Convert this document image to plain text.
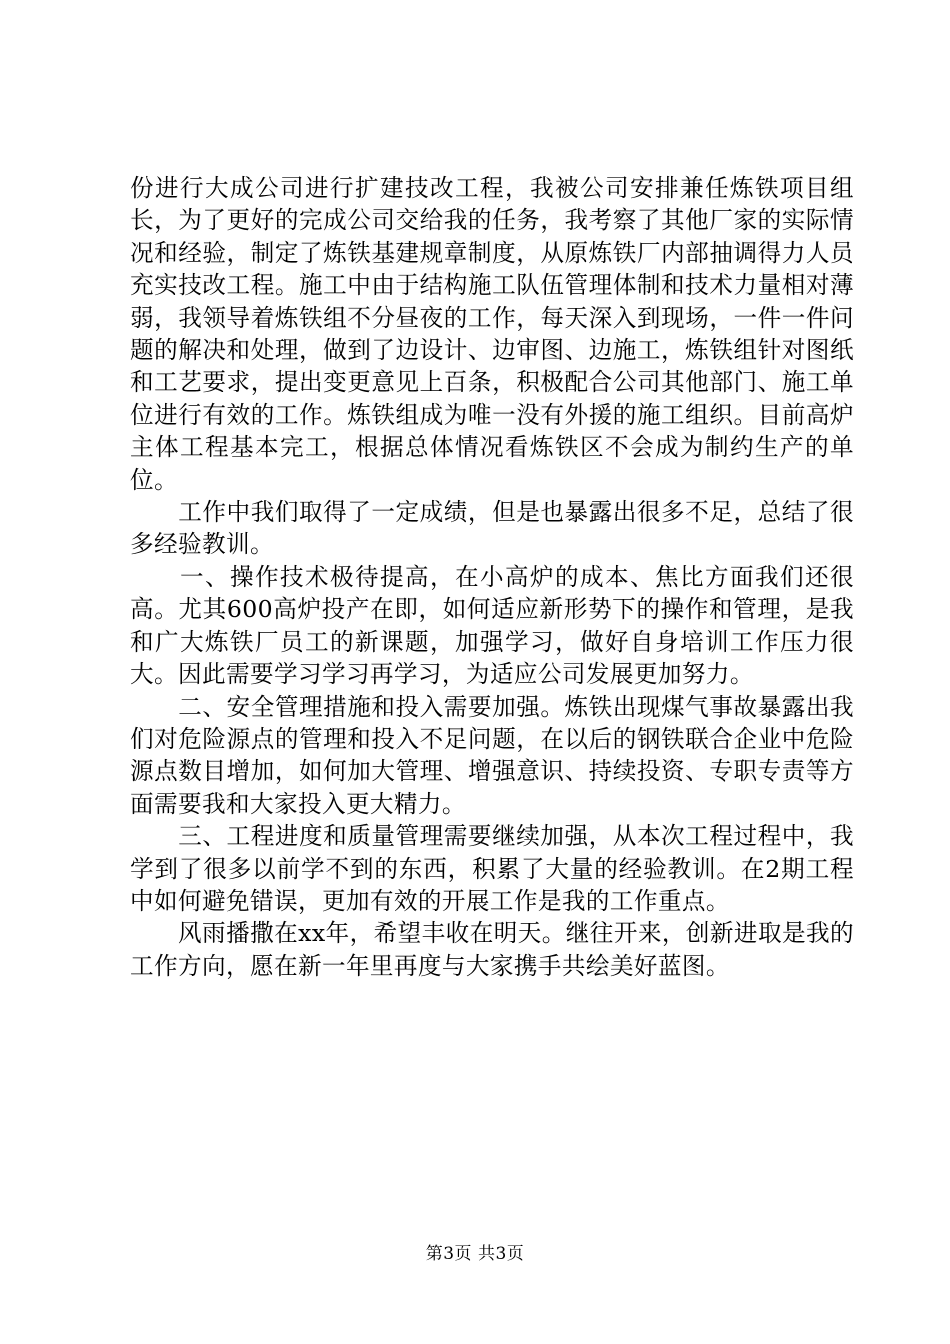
份进行大成公司进行扩建技改工程，我被公司安排兼任炼铁项目组长，为了更好的完成公司交给我的任务，我考察了其他厂家的实际情况和经验，制定了炼铁基建规章制度，从原炼铁厂内部抽调得力人员充实技改工程。施工中由于结构施工队伍管理体制和技术力量相对薄弱，我领导着炼铁组不分昼夜的工作，每天深入到现场，一件一件问题的解决和处理，做到了边设计、边审图、边施工，炼铁组针对图纸和工艺要求，提出变更意见上百条，积极配合公司其他部门、施工单位进行有效的工作。炼铁组成为唯一没有外援的施工组织。目前高炉主体工程基本完工，根据总体情况看炼铁区不会成为制约生产的单位。

　　工作中我们取得了一定成绩，但是也暴露出很多不足，总结了很多经验教训。

　　一、操作技术极待提高，在小高炉的成本、焦比方面我们还很高。尤其600高炉投产在即，如何适应新形势下的操作和管理，是我和广大炼铁厂员工的新课题，加强学习，做好自身培训工作压力很大。因此需要学习学习再学习，为适应公司发展更加努力。

　　二、安全管理措施和投入需要加强。炼铁出现煤气事故暴露出我们对危险源点的管理和投入不足问题，在以后的钢铁联合企业中危险源点数目增加，如何加大管理、增强意识、持续投资、专职专责等方面需要我和大家投入更大精力。

　　三、工程进度和质量管理需要继续加强，从本次工程过程中，我学到了很多以前学不到的东西，积累了大量的经验教训。在2期工程中如何避免错误，更加有效的开展工作是我的工作重点。

　　风雨播撒在xx年，希望丰收在明天。继往开来，创新进取是我的工作方向，愿在新一年里再度与大家携手共绘美好蓝图。

第3页 共3页
